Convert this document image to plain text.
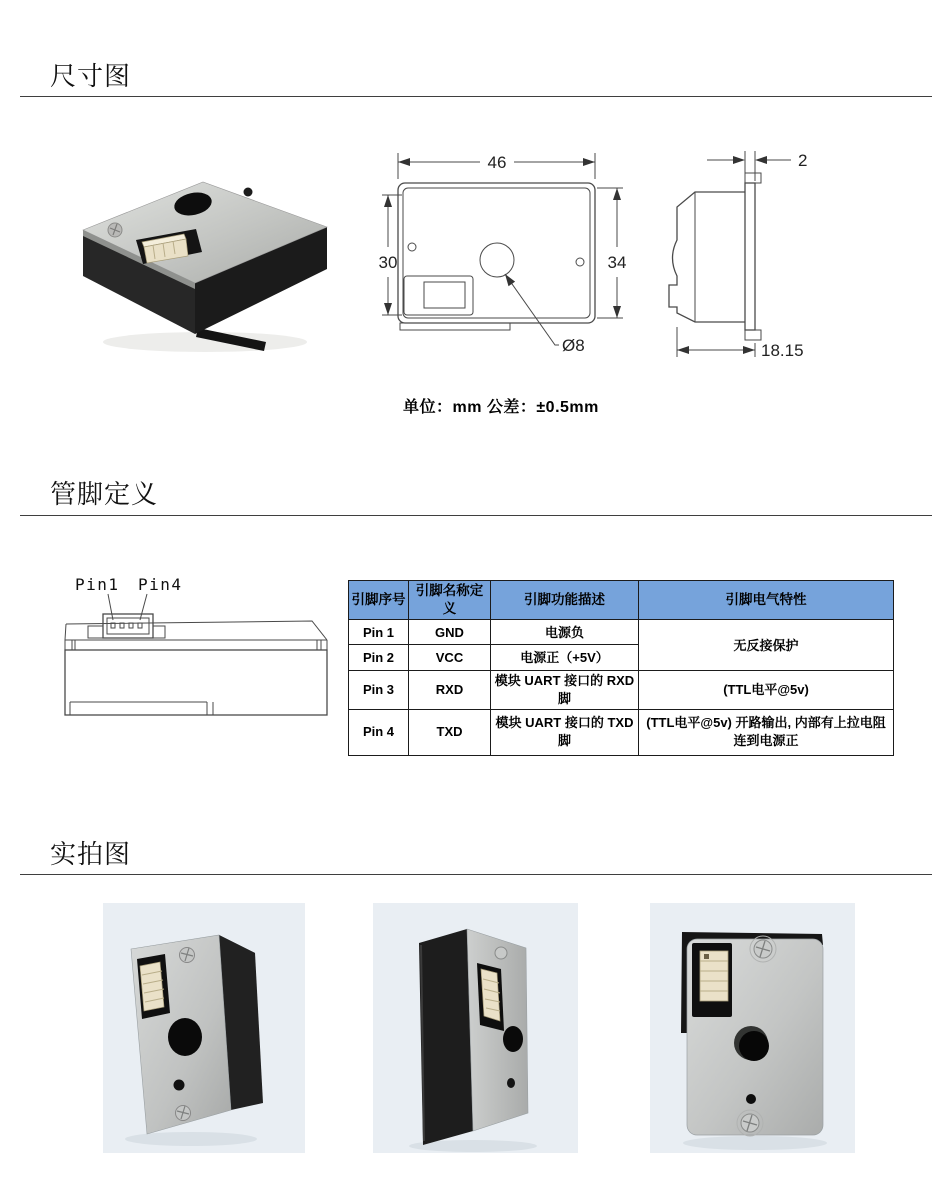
尺寸图
46
30	34
Ø8
2
18.15
单位：mm 公差：±0.5mm
管脚定义
Pin1 Pin4
引脚序号	引脚名称定义	引脚功能描述	引脚电气特性
Pin 1	GND	电源负	无反接保护
Pin 2	VCC	电源正（+5V）	
Pin 3	RXD	模块 UART 接口的 RXD 脚	(TTL电平@5v)
Pin 4	TXD	模块 UART 接口的 TXD 脚	(TTL电平@5v) 开路输出, 内部有上拉电阻连到电源正
实拍图
